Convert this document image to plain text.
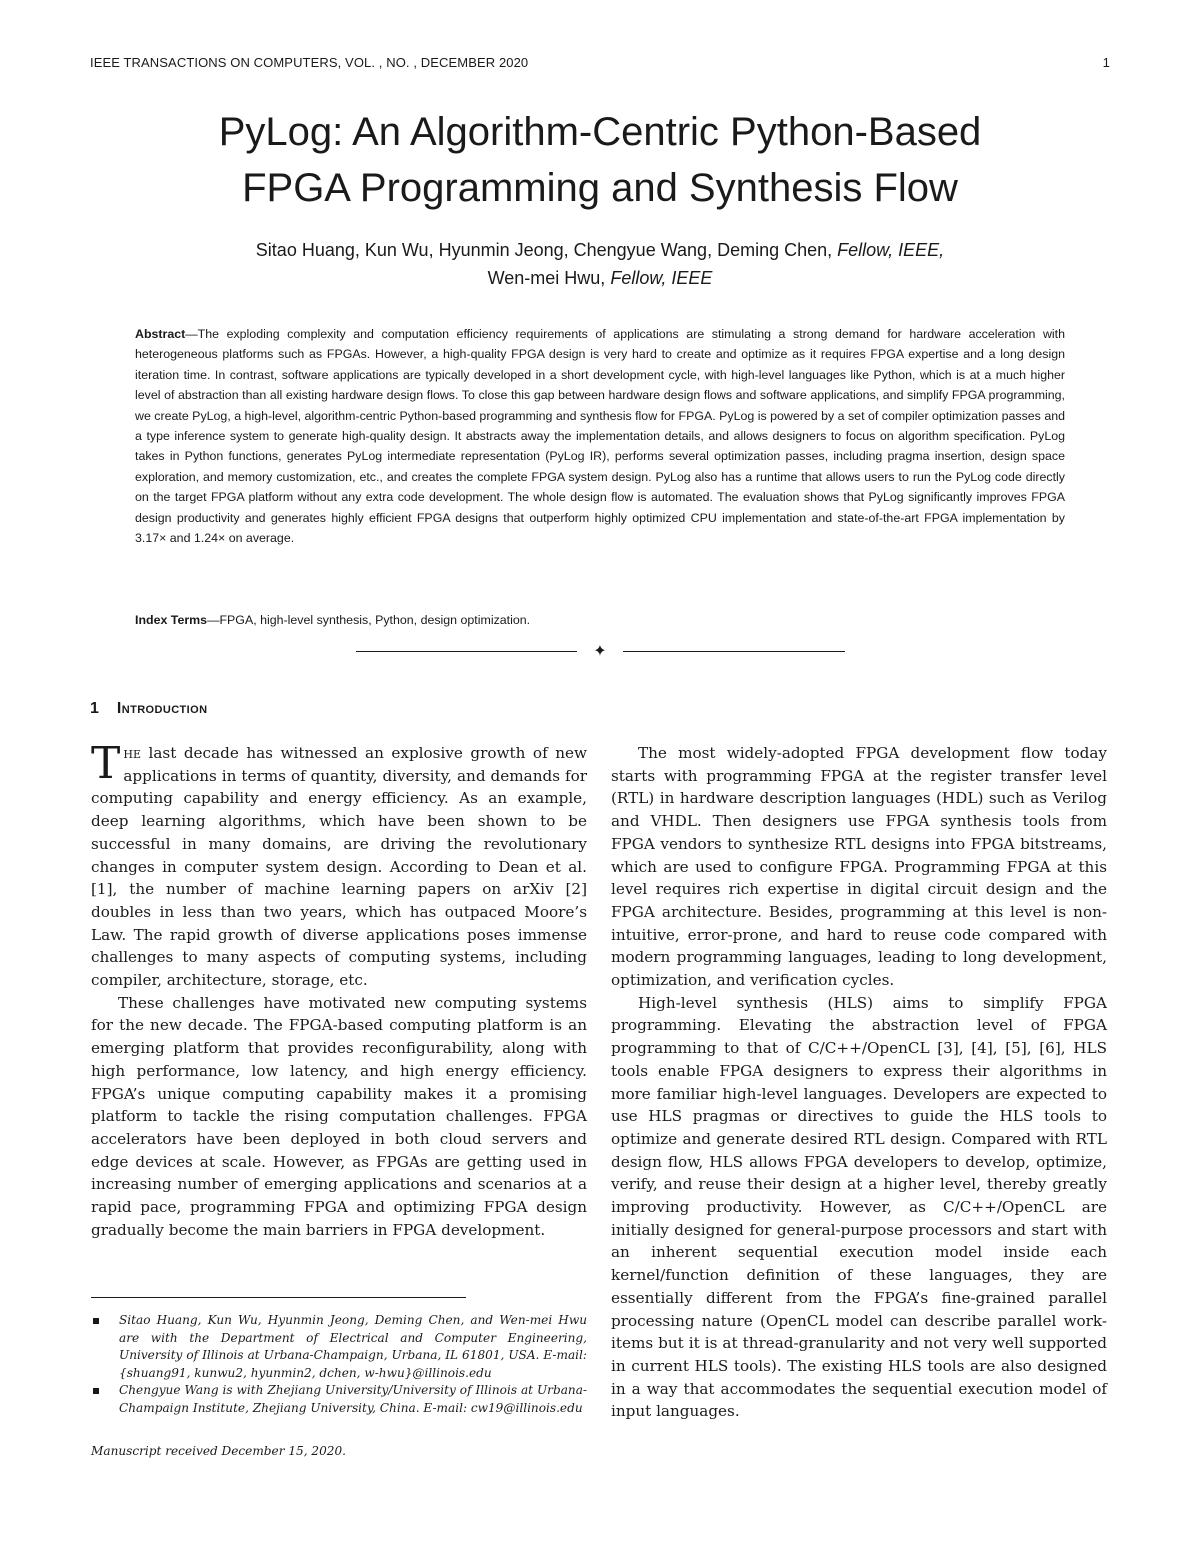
IEEE TRANSACTIONS ON COMPUTERS, VOL. , NO. , DECEMBER 2020	1
PyLog: An Algorithm-Centric Python-Based
FPGA Programming and Synthesis Flow
Sitao Huang, Kun Wu, Hyunmin Jeong, Chengyue Wang, Deming Chen, Fellow, IEEE,
Wen-mei Hwu, Fellow, IEEE

Abstract—The exploding complexity and computation efficiency requirements of applications are stimulating a strong demand for hardware acceleration with heterogeneous platforms such as FPGAs. However, a high-quality FPGA design is very hard to create and optimize as it requires FPGA expertise and a long design iteration time. In contrast, software applications are typically developed in a short development cycle, with high-level languages like Python, which is at a much higher level of abstraction than all existing hardware design flows. To close this gap between hardware design flows and software applications, and simplify FPGA programming, we create PyLog, a high-level, algorithm-centric Python-based programming and synthesis flow for FPGA. PyLog is powered by a set of compiler optimization passes and a type inference system to generate high-quality design. It abstracts away the implementation details, and allows designers to focus on algorithm specification. PyLog takes in Python functions, generates PyLog intermediate representation (PyLog IR), performs several optimization passes, including pragma insertion, design space exploration, and memory customization, etc., and creates the complete FPGA system design. PyLog also has a runtime that allows users to run the PyLog code directly on the target FPGA platform without any extra code development. The whole design flow is automated. The evaluation shows that PyLog significantly improves FPGA design productivity and generates highly efficient FPGA designs that outperform highly optimized CPU implementation and state-of-the-art FPGA implementation by 3.17× and 1.24× on average.

Index Terms—FPGA, high-level synthesis, Python, design optimization.

✦
1 Introduction

The last decade has witnessed an explosive growth of new applications in terms of quantity, diversity, and demands for computing capability and energy efficiency. As an example, deep learning algorithms, which have been shown to be successful in many domains, are driving the revolutionary changes in computer system design. According to Dean et al. [1], the number of machine learning papers on arXiv [2] doubles in less than two years, which has outpaced Moore’s Law. The rapid growth of diverse applications poses immense challenges to many aspects of computing systems, including compiler, architecture, storage, etc.

These challenges have motivated new computing systems for the new decade. The FPGA-based computing platform is an emerging platform that provides reconfigurability, along with high performance, low latency, and high energy efficiency. FPGA’s unique computing capability makes it a promising platform to tackle the rising computation challenges. FPGA accelerators have been deployed in both cloud servers and edge devices at scale. However, as FPGAs are getting used in increasing number of emerging applications and scenarios at a rapid pace, programming FPGA and optimizing FPGA design gradually become the main barriers in FPGA development.

Sitao Huang, Kun Wu, Hyunmin Jeong, Deming Chen, and Wen-mei Hwu are with the Department of Electrical and Computer Engineering, University of Illinois at Urbana-Champaign, Urbana, IL 61801, USA. E-mail: {shuang91, kunwu2, hyunmin2, dchen, w-hwu}@illinois.edu
Chengyue Wang is with Zhejiang University/University of Illinois at Urbana-Champaign Institute, Zhejiang University, China. E-mail: cw19@illinois.edu

Manuscript received December 15, 2020.

The most widely-adopted FPGA development flow today starts with programming FPGA at the register transfer level (RTL) in hardware description languages (HDL) such as Verilog and VHDL. Then designers use FPGA synthesis tools from FPGA vendors to synthesize RTL designs into FPGA bitstreams, which are used to configure FPGA. Programming FPGA at this level requires rich expertise in digital circuit design and the FPGA architecture. Besides, programming at this level is non-intuitive, error-prone, and hard to reuse code compared with modern programming languages, leading to long development, optimization, and verification cycles.

High-level synthesis (HLS) aims to simplify FPGA programming. Elevating the abstraction level of FPGA programming to that of C/C++/OpenCL [3], [4], [5], [6], HLS tools enable FPGA designers to express their algorithms in more familiar high-level languages. Developers are expected to use HLS pragmas or directives to guide the HLS tools to optimize and generate desired RTL design. Compared with RTL design flow, HLS allows FPGA developers to develop, optimize, verify, and reuse their design at a higher level, thereby greatly improving productivity. However, as C/C++/OpenCL are initially designed for general-purpose processors and start with an inherent sequential execution model inside each kernel/function definition of these languages, they are essentially different from the FPGA’s fine-grained parallel processing nature (OpenCL model can describe parallel work-items but it is at thread-granularity and not very well supported in current HLS tools). The existing HLS tools are also designed in a way that accommodates the sequential execution model of input languages.
